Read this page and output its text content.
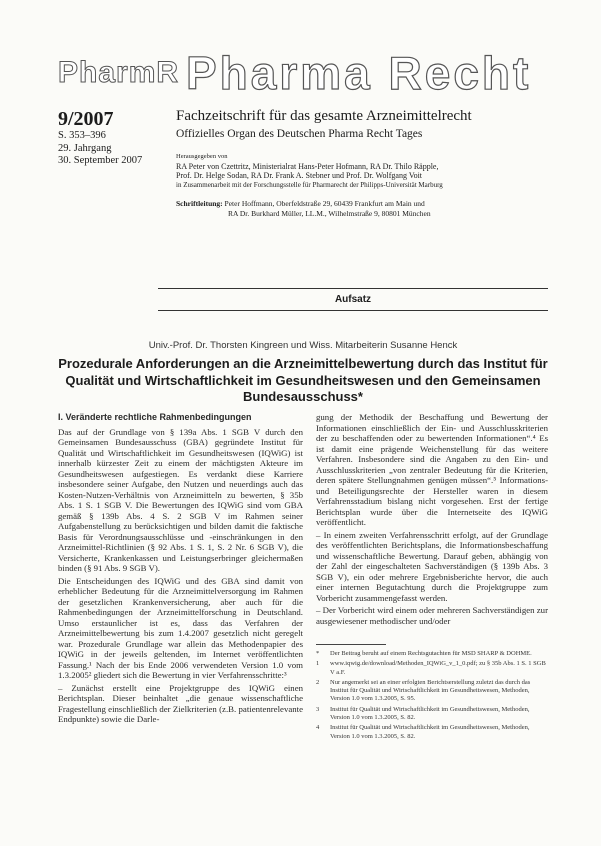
PharmR Pharma Recht
9/2007
S. 353–396
29. Jahrgang
30. September 2007
Fachzeitschrift für das gesamte Arzneimittelrecht
Offizielles Organ des Deutschen Pharma Recht Tages
Herausgegeben von
RA Peter von Czettritz, Ministerialrat Hans-Peter Hofmann, RA Dr. Thilo Räpple,
Prof. Dr. Helge Sodan, RA Dr. Frank A. Stebner und Prof. Dr. Wolfgang Voit
in Zusammenarbeit mit der Forschungsstelle für Pharmarecht der Philipps-Universität Marburg
Schriftleitung: Peter Hoffmann, Oberfeldstraße 29, 60439 Frankfurt am Main und
RA Dr. Burkhard Müller, LL.M., Wilhelmstraße 9, 80801 München
Aufsatz
Univ.-Prof. Dr. Thorsten Kingreen und Wiss. Mitarbeiterin Susanne Henck
Prozedurale Anforderungen an die Arzneimittelbewertung durch das Institut für Qualität und Wirtschaftlichkeit im Gesundheitswesen und den Gemeinsamen Bundesausschuss*
I. Veränderte rechtliche Rahmenbedingungen

Das auf der Grundlage von § 139a Abs. 1 SGB V durch den Gemeinsamen Bundesausschuss (GBA) gegründete Institut für Qualität und Wirtschaftlichkeit im Gesundheitswesen (IQWiG) ist innerhalb kürzester Zeit zu einem der mächtigsten Akteure im Gesundheitswesen aufgestiegen. Es verdankt diese Karriere insbesondere seiner Aufgabe, den Nutzen und neuerdings auch das Kosten-Nutzen-Verhältnis von Arzneimitteln zu bewerten, § 35b Abs. 1 S. 1 SGB V. Die Bewertungen des IQWiG sind vom GBA gemäß § 139b Abs. 4 S. 2 SGB V im Rahmen seiner Aufgabenstellung zu berücksichtigen und bilden damit die faktische Basis für Verordnungsausschlüsse und -einschränkungen in den Arzneimittel-Richtlinien (§ 92 Abs. 1 S. 1, S. 2 Nr. 6 SGB V), die Versicherte, Krankenkassen und Leistungserbringer gleichermaßen binden (§ 91 Abs. 9 SGB V).

Die Entscheidungen des IQWiG und des GBA sind damit von erheblicher Bedeutung für die Arzneimittelversorgung im Rahmen der gesetzlichen Krankenversicherung, aber auch für die Rahmenbedingungen der Arzneimittelforschung in Deutschland. Umso erstaunlicher ist es, dass das Verfahren der Arzneimittelbewertung bis zum 1.4.2007 gesetzlich nicht geregelt war. Prozedurale Grundlage war allein das Methodenpapier des IQWiG in der jeweils geltenden, im Internet veröffentlichten Fassung.¹ Nach der bis Ende 2006 verwendeten Version 1.0 vom 1.3.2005² gliedert sich die Bewertung in vier Verfahrensschritte:³

– Zunächst erstellt eine Projektgruppe des IQWiG einen Berichtsplan. Dieser beinhaltet „die genaue wissenschaftliche Fragestellung einschließlich der Zielkriterien (z.B. patientenrelevante Endpunkte) sowie die Darle-

gung der Methodik der Beschaffung und Bewertung der Informationen einschließlich der Ein- und Ausschlusskriterien der zu beschaffenden oder zu bewertenden Informationen“.⁴ Es ist damit eine prägende Weichenstellung für das weitere Verfahren. Insbesondere sind die Angaben zu den Ein- und Ausschlusskriterien „von zentraler Bedeutung für die Kriterien, deren spätere Stellungnahmen genügen müssen“.⁵ Informations- und Beteiligungsrechte der Hersteller waren in diesem Verfahrensstadium bislang nicht vorgesehen. Erst der fertige Berichtsplan wurde über die Internetseite des IQWiG veröffentlicht.

– In einem zweiten Verfahrensschritt erfolgt, auf der Grundlage des veröffentlichten Berichtsplans, die Informationsbeschaffung und wissenschaftliche Bewertung. Darauf geben, abhängig von der Zahl der eingeschalteten Sachverständigen (§ 139b Abs. 3 SGB V), ein oder mehrere Ergebnisberichte hervor, die auch einer internen Begutachtung durch die Projektgruppe zum Vorbericht zusammengefasst werden.

– Der Vorbericht wird einem oder mehreren Sachverständigen zur ausgewiesener methodischer und/oder

*	Der Beitrag beruht auf einem Rechtsgutachten für MSD SHARP & DOHME.
1	www.iqwig.de/download/Methoden_IQWiG_v_1_0.pdf; zu § 35b Abs. 1 S. 1 SGB V a.F.
2	Nur angemerkt sei an einer erfolgten Berichtserstellung zuletzt das durch das Institut für Qualität und Wirtschaftlichkeit im Gesundheitswesen, Methoden, Version 1.0 vom 1.3.2005, S. 95.
3	Institut für Qualität und Wirtschaftlichkeit im Gesundheitswesen, Methoden, Version 1.0 vom 1.3.2005, S. 82.
4	Institut für Qualität und Wirtschaftlichkeit im Gesundheitswesen, Methoden, Version 1.0 vom 1.3.2005, S. 82.
